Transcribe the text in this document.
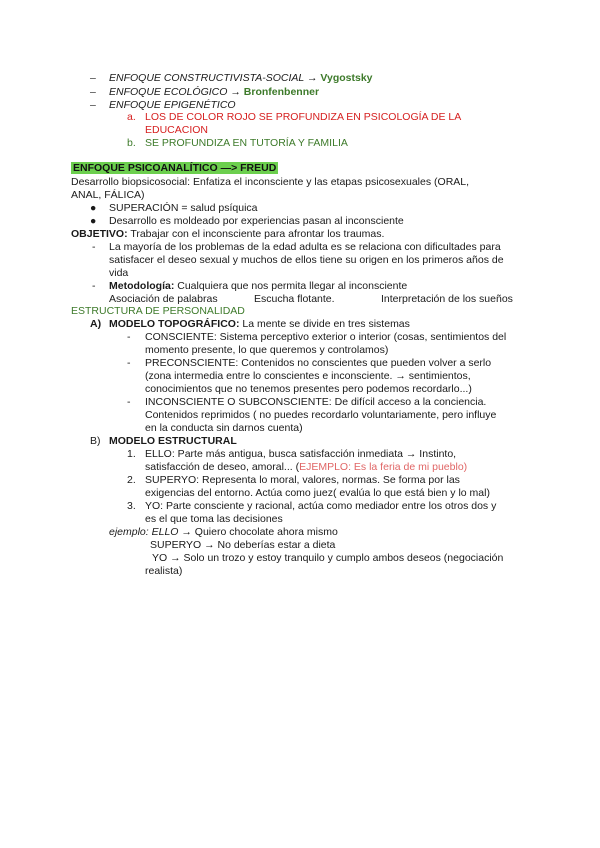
– ENFOQUE CONSTRUCTIVISTA-SOCIAL → Vygostsky
– ENFOQUE ECOLÓGICO → Bronfenbenner
– ENFOQUE EPIGENÉTICO
a. LOS DE COLOR ROJO SE PROFUNDIZA EN PSICOLOGÍA DE LA
EDUCACION
b. SE PROFUNDIZA EN TUTORÍA Y FAMILIA
ENFOQUE PSICOANALÍTICO —> FREUD
Desarrollo biopsicosocial: Enfatiza el inconsciente y las etapas psicosexuales (ORAL,
ANAL, FÁLICA)
● SUPERACIÓN = salud psíquica
● Desarrollo es moldeado por experiencias pasan al inconsciente
OBJETIVO: Trabajar con el inconsciente para afrontar los traumas.
- La mayoría de los problemas de la edad adulta es se relaciona con dificultades para
satisfacer el deseo sexual y muchos de ellos tiene su origen en los primeros años de
vida
- Metodología: Cualquiera que nos permita llegar al inconsciente
Asociación de palabras	Escucha flotante.	Interpretación de los sueños
ESTRUCTURA DE PERSONALIDAD
A) MODELO TOPOGRÁFICO: La mente se divide en tres sistemas
- CONSCIENTE: Sistema perceptivo exterior o interior (cosas, sentimientos del
momento presente, lo que queremos y controlamos)
- PRECONSCIENTE: Contenidos no conscientes que pueden volver a serlo
(zona intermedia entre lo conscientes e inconsciente. → sentimientos,
conocimientos que no tenemos presentes pero podemos recordarlo...)
- INCONSCIENTE O SUBCONSCIENTE: De difícil acceso a la conciencia.
Contenidos reprimidos ( no puedes recordarlo voluntariamente, pero influye
en la conducta sin darnos cuenta)
B) MODELO ESTRUCTURAL
1. ELLO: Parte más antigua, busca satisfacción inmediata → Instinto,
satisfacción de deseo, amoral... (EJEMPLO: Es la feria de mi pueblo)
2. SUPERYO: Representa lo moral, valores, normas. Se forma por las
exigencias del entorno. Actúa como juez( evalúa lo que está bien y lo mal)
3. YO: Parte consciente y racional, actúa como mediador entre los otros dos y
es el que toma las decisiones
ejemplo: ELLO → Quiero chocolate ahora mismo
SUPERYO → No deberías estar a dieta
YO → Solo un trozo y estoy tranquilo y cumplo ambos deseos (negociación
realista)
